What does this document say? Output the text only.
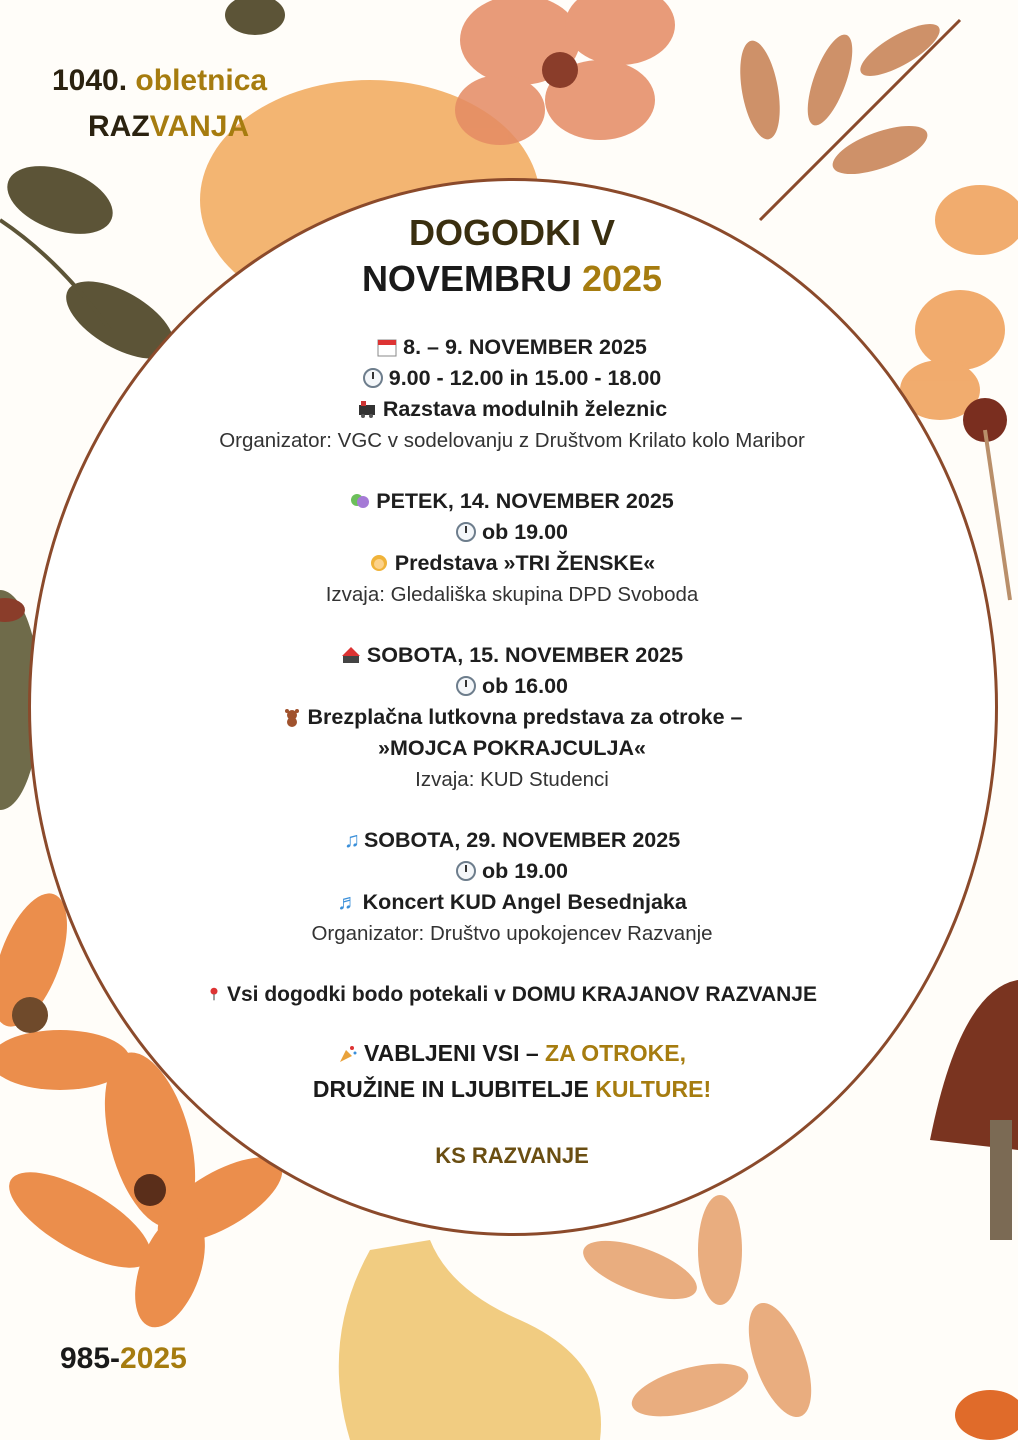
1040. obletnica
RAZVANJA
985-2025
DOGODKI V
NOVEMBRU 2025
8. – 9. NOVEMBER 2025
9.00 - 12.00 in 15.00 - 18.00
Razstava modulnih železnic
Organizator: VGC v sodelovanju z Društvom Krilato kolo Maribor
PETEK, 14. NOVEMBER 2025
ob 19.00
Predstava »TRI ŽENSKE«
Izvaja: Gledališka skupina DPD Svoboda
SOBOTA, 15. NOVEMBER 2025
ob 16.00
Brezplačna lutkovna predstava za otroke –
»MOJCA POKRAJCULJA«
Izvaja: KUD Studenci
♫ SOBOTA, 29. NOVEMBER 2025
ob 19.00
♬ Koncert KUD Angel Besednjaka
Organizator: Društvo upokojencev Razvanje
Vsi dogodki bodo potekali v DOMU KRAJANOV RAZVANJE
VABLJENI VSI – ZA OTROKE,
DRUŽINE IN LJUBITELJE KULTURE!
KS RAZVANJE
